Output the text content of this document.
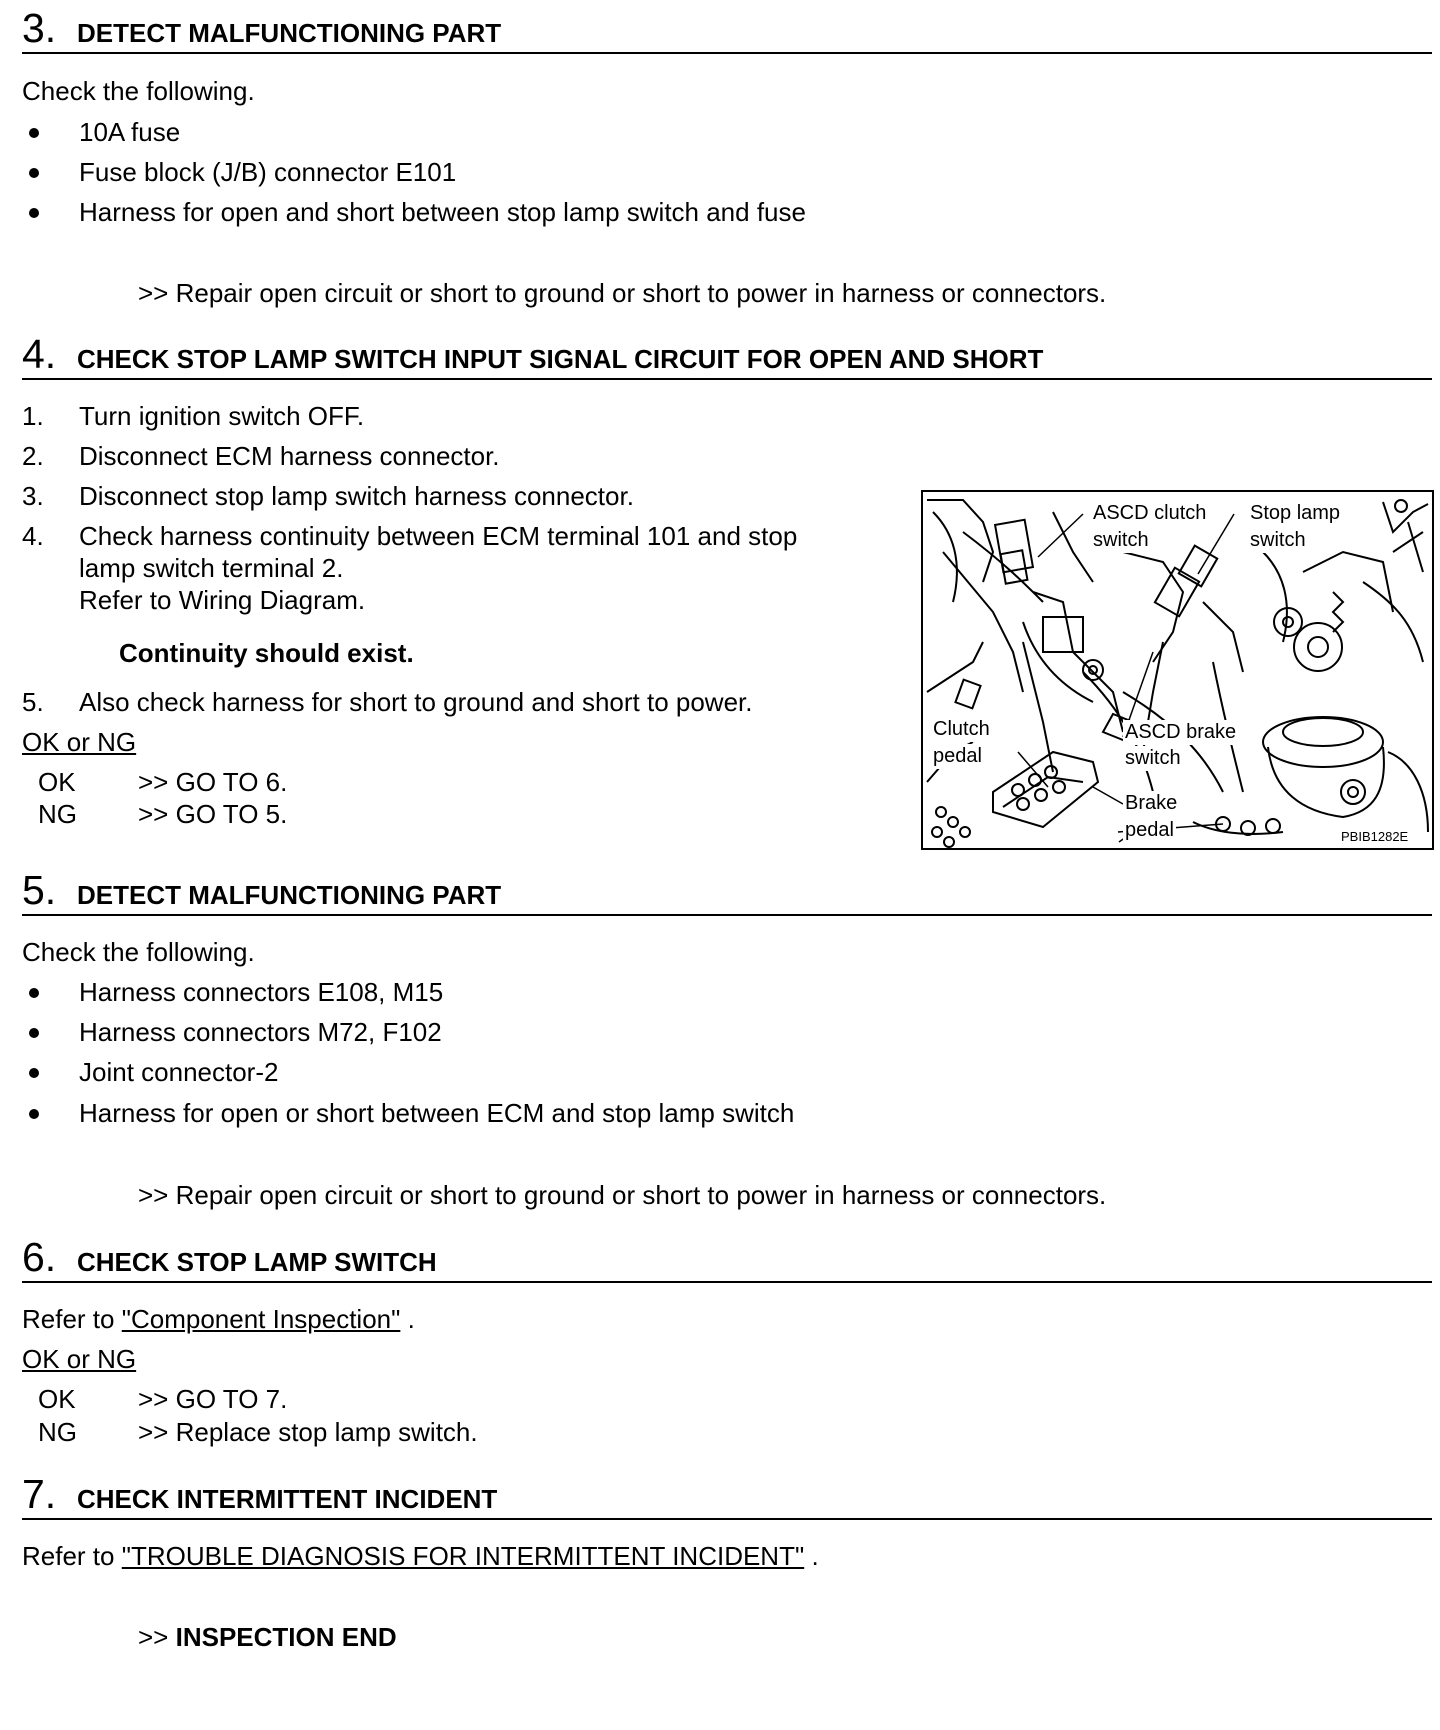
3. DETECT MALFUNCTIONING PART
Check the following.
10A fuse
Fuse block (J/B) connector E101
Harness for open and short between stop lamp switch and fuse
>> Repair open circuit or short to ground or short to power in harness or connectors.
4. CHECK STOP LAMP SWITCH INPUT SIGNAL CIRCUIT FOR OPEN AND SHORT
1. Turn ignition switch OFF.
2. Disconnect ECM harness connector.
3. Disconnect stop lamp switch harness connector.
4. Check harness continuity between ECM terminal 101 and stop
lamp switch terminal 2.
Refer to Wiring Diagram.
Continuity should exist.
5. Also check harness for short to ground and short to power.
OK or NG
OK >> GO TO 6.
NG >> GO TO 5.
ASCD clutch
switch
Stop lamp
switch
Clutch
pedal
ASCD brake
switch
Brake
pedal	PBIB1282E
5. DETECT MALFUNCTIONING PART
Check the following.
Harness connectors E108, M15
Harness connectors M72, F102
Joint connector-2
Harness for open or short between ECM and stop lamp switch
>> Repair open circuit or short to ground or short to power in harness or connectors.
6. CHECK STOP LAMP SWITCH
Refer to "Component Inspection" .
OK or NG
OK >> GO TO 7.
NG >> Replace stop lamp switch.
7. CHECK INTERMITTENT INCIDENT
Refer to "TROUBLE DIAGNOSIS FOR INTERMITTENT INCIDENT" .
>> INSPECTION END
